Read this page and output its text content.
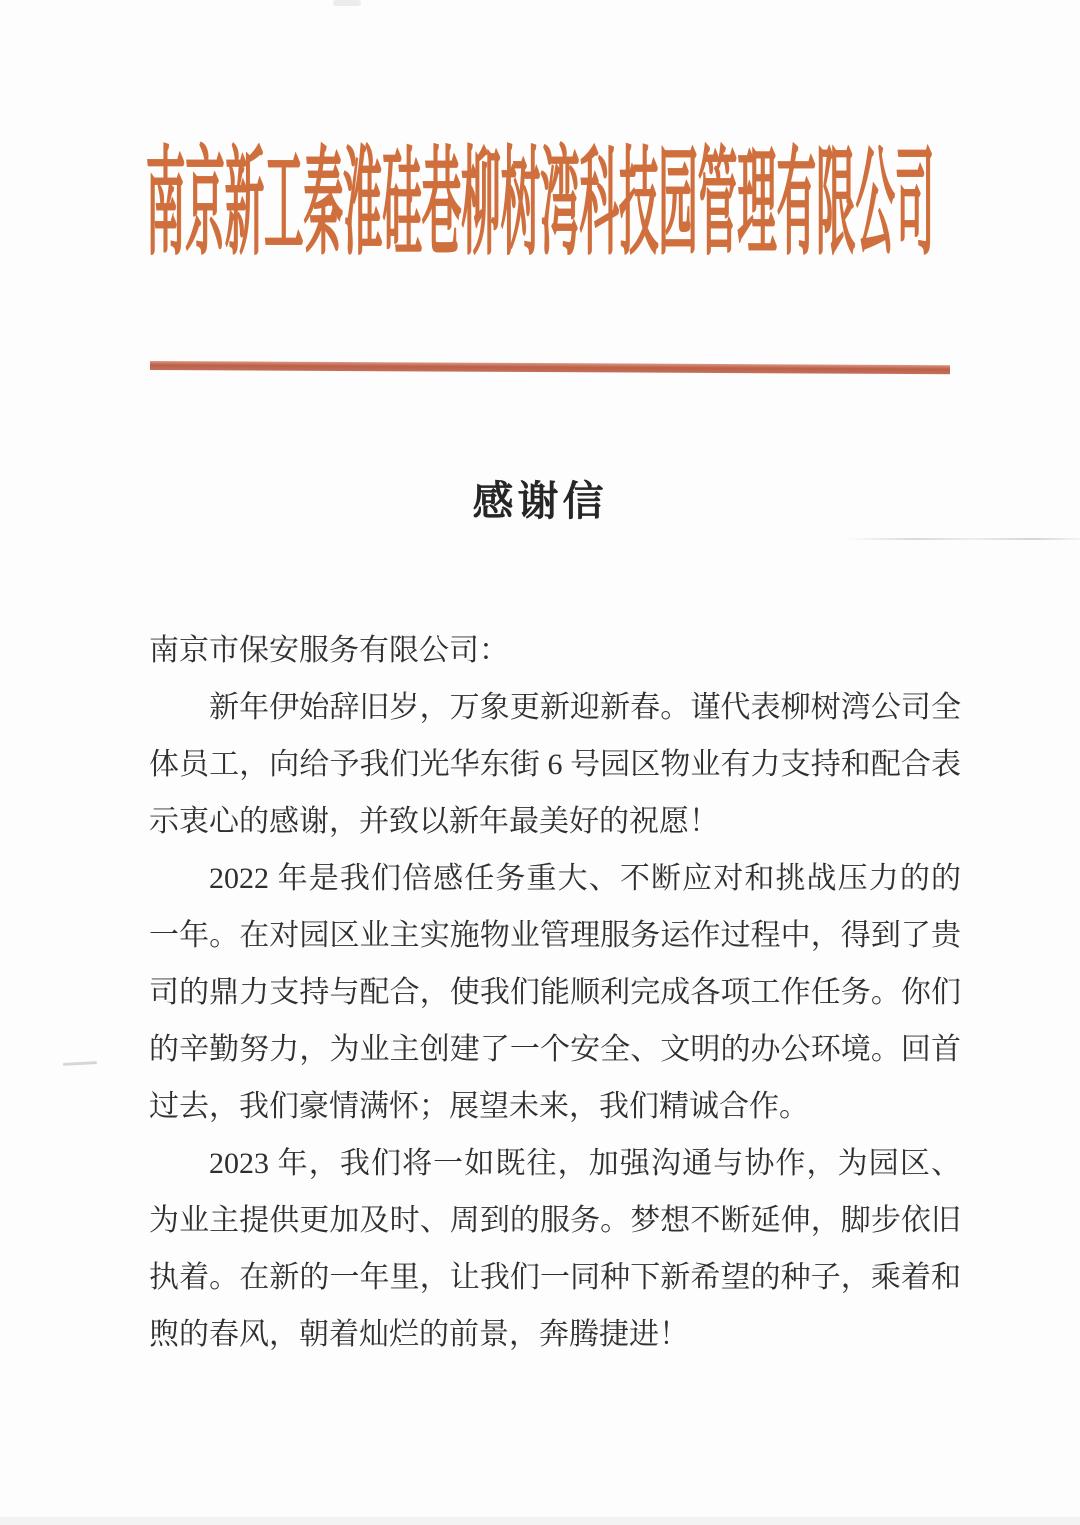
南京新工秦淮硅巷柳树湾科技园管理有限公司
感谢信

南京市保安服务有限公司：

新年伊始辞旧岁，万象更新迎新春。谨代表柳树湾公司全体员工，向给予我们光华东街 6 号园区物业有力支持和配合表示衷心的感谢，并致以新年最美好的祝愿！

2022 年是我们倍感任务重大、不断应对和挑战压力的的一年。在对园区业主实施物业管理服务运作过程中，得到了贵司的鼎力支持与配合，使我们能顺利完成各项工作任务。你们的辛勤努力，为业主创建了一个安全、文明的办公环境。回首过去，我们豪情满怀；展望未来，我们精诚合作。

2023 年，我们将一如既往，加强沟通与协作，为园区、为业主提供更加及时、周到的服务。梦想不断延伸，脚步依旧执着。在新的一年里，让我们一同种下新希望的种子，乘着和煦的春风，朝着灿烂的前景，奔腾捷进！
